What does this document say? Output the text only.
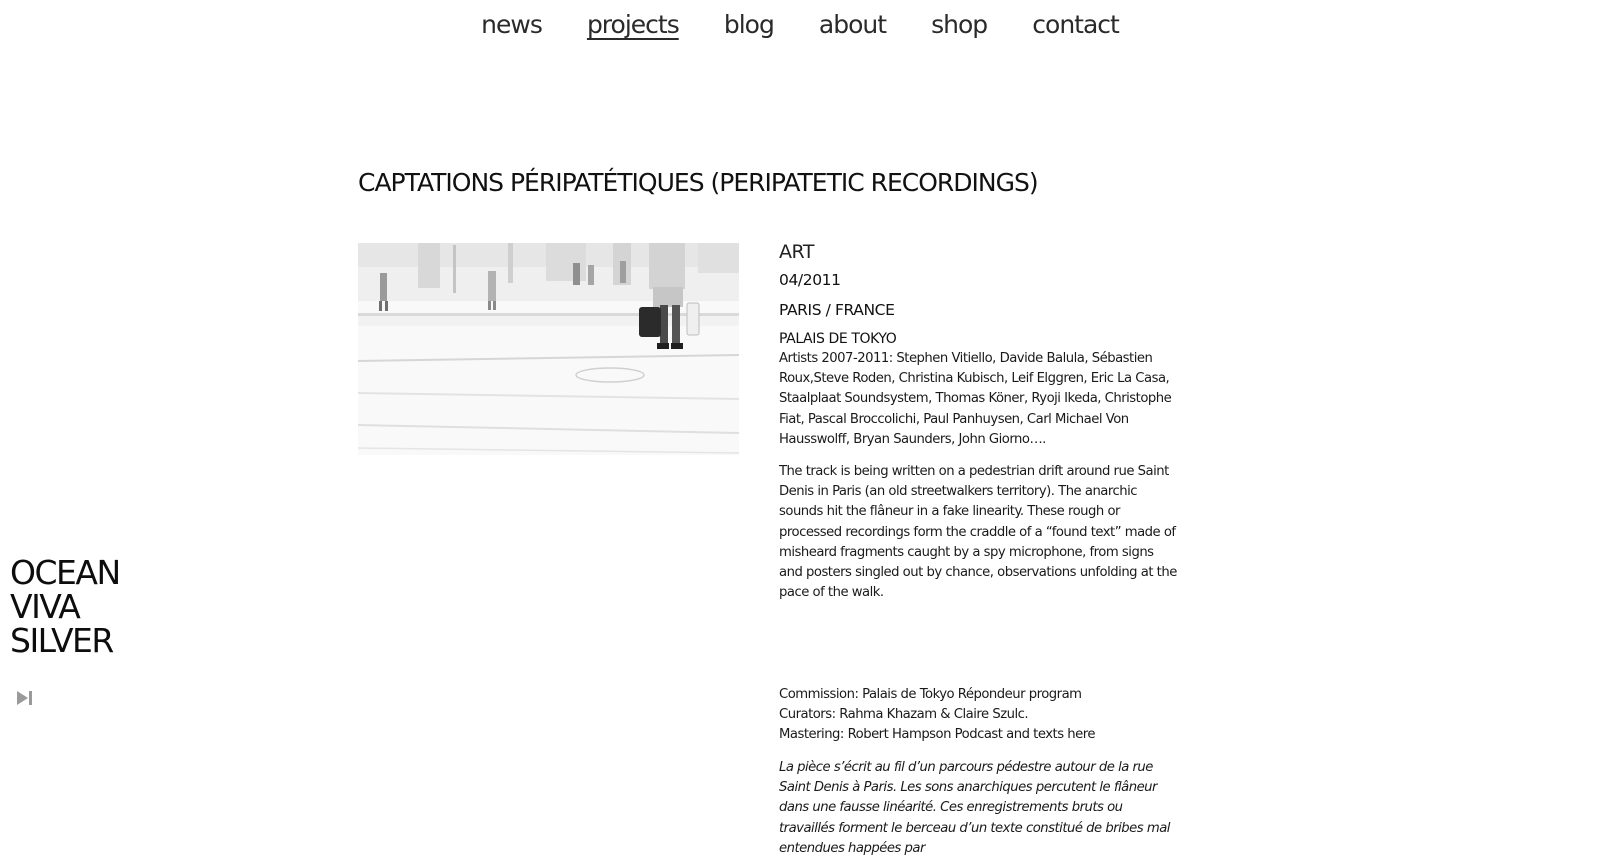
news projects blog about shop contact
CAPTATIONS PÉRIPATÉTIQUES (PERIPATETIC RECORDINGS)
ART
04/2011
PARIS / FRANCE
PALAIS DE TOKYO

Artists 2007-2011: Stephen Vitiello, Davide Balula, Sébastien Roux,Steve Roden, Christina Kubisch, Leif Elggren, Eric La Casa, Staalplaat Soundsystem, Thomas Köner, Ryoji Ikeda, Christophe Fiat, Pascal Broccolichi, Paul Panhuysen, Carl Michael Von Hausswolff, Bryan Saunders, John Giorno….

The track is being written on a pedestrian drift around rue Saint Denis in Paris (an old streetwalkers territory). The anarchic sounds hit the flâneur in a fake linearity. These rough or processed recordings form the craddle of a “found text” made of misheard fragments caught by a spy microphone, from signs and posters singled out by chance, observations unfolding at the pace of the walk.

Commission: Palais de Tokyo Répondeur program
Curators: Rahma Khazam & Claire Szulc.
Mastering: Robert Hampson Podcast and texts here

La pièce s’écrit au fil d’un parcours pédestre autour de la rue Saint Denis à Paris. Les sons anarchiques percutent le flâneur dans une fausse linéarité. Ces enregistrements bruts ou travaillés forment le berceau d’un texte constitué de bribes mal entendues happées par

OCEAN
VIVA
SILVER
